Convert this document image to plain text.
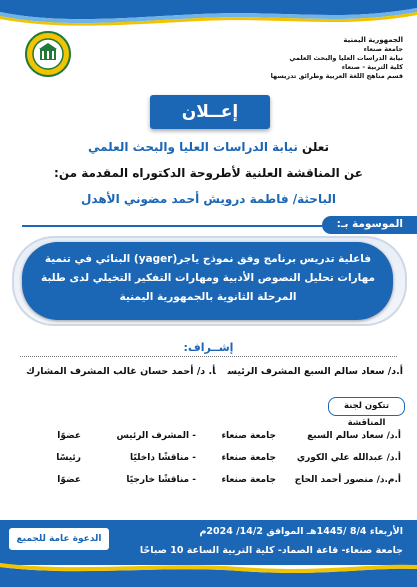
الجمهورية اليمنية
جامعة صنعاء
نيابة الدراسات العليا والبحث العلمي
كلية التربية - صنعاء
قسم مناهج اللغة العربية وطرائق تدريسها
إعــلان
تعلن نيابة الدراسات العليا والبحث العلمي
عن المناقشة العلنية لأطروحة الدكتوراه المقدمة من:
الباحثة/ فاطمة درويش أحمد مضوني الأهدل
الموسومة بـ:
فاعلية تدريس برنامج وفق نموذج ياجر(yager) البنائي في تنمية مهارات تحليل النصوص الأدبية ومهارات التفكير التخيلي لدى طلبة المرحلة الثانوية بالجمهورية اليمنية
إشــراف:
أ.د/ سعاد سالم السبع المشرف الرئيسأ. د/ أحمد حسان غالب المشرف المشارك
تتكون لجنة المناقشة
أ.د/ سعاد سالم السبع
جامعة صنعاء
- المشرف الرئيس
عضوًا
أ.د/ عبدالله علي الكوري
جامعة صنعاء
- مناقشًا داخليًا
رئيسًا
أ.م.د/ منصور أحمد الحاج
جامعة صنعاء
- مناقشًا خارجيًا
عضوًا
الأربعاء 8/4 /1445هـ الموافق 14/2/ 2024م
جامعة صنعاء- قاعة الصماد- كلية التربية الساعة 10 صباحًا
الدعوة عامة للجميع
